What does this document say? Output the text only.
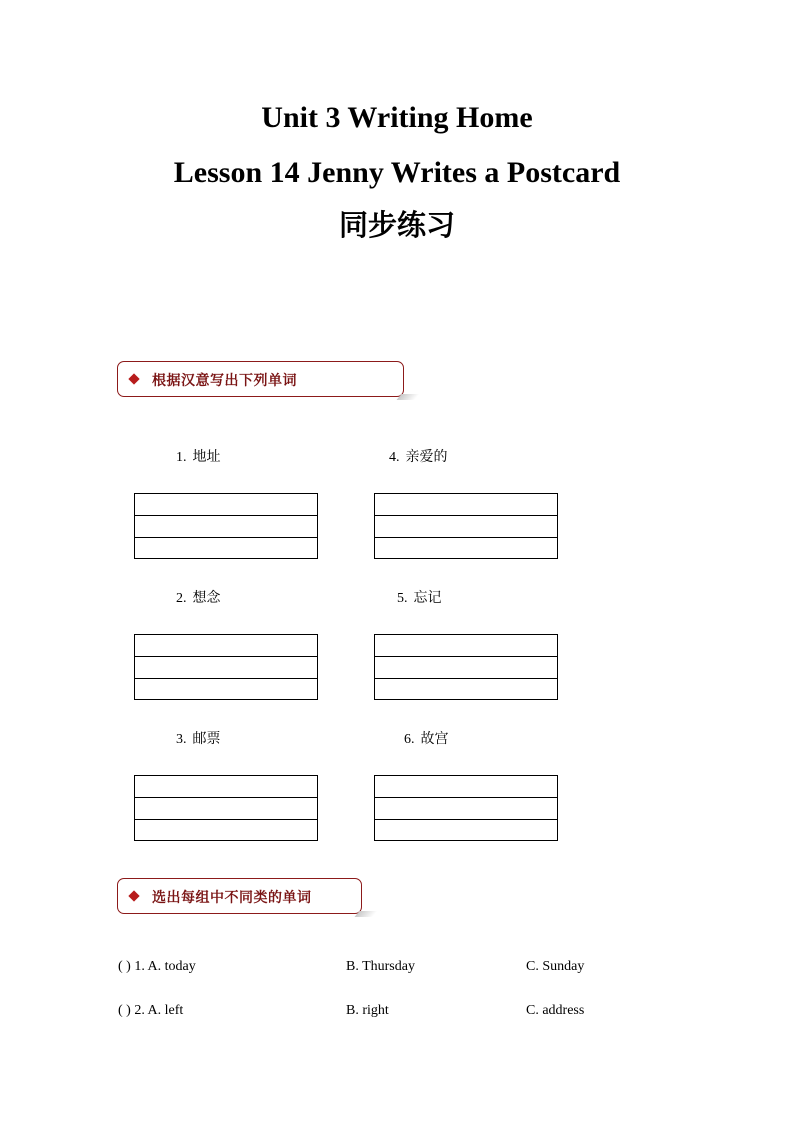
Unit 3 Writing Home
Lesson 14 Jenny Writes a Postcard
同步练习
根据汉意写出下列单词
1. 地址	4. 亲爱的
2. 想念	5. 忘记
3. 邮票	6. 故宫
选出每组中不同类的单词
( ) 1. A. today	B. Thursday	C. Sunday
( ) 2. A. left	B. right	C. address
